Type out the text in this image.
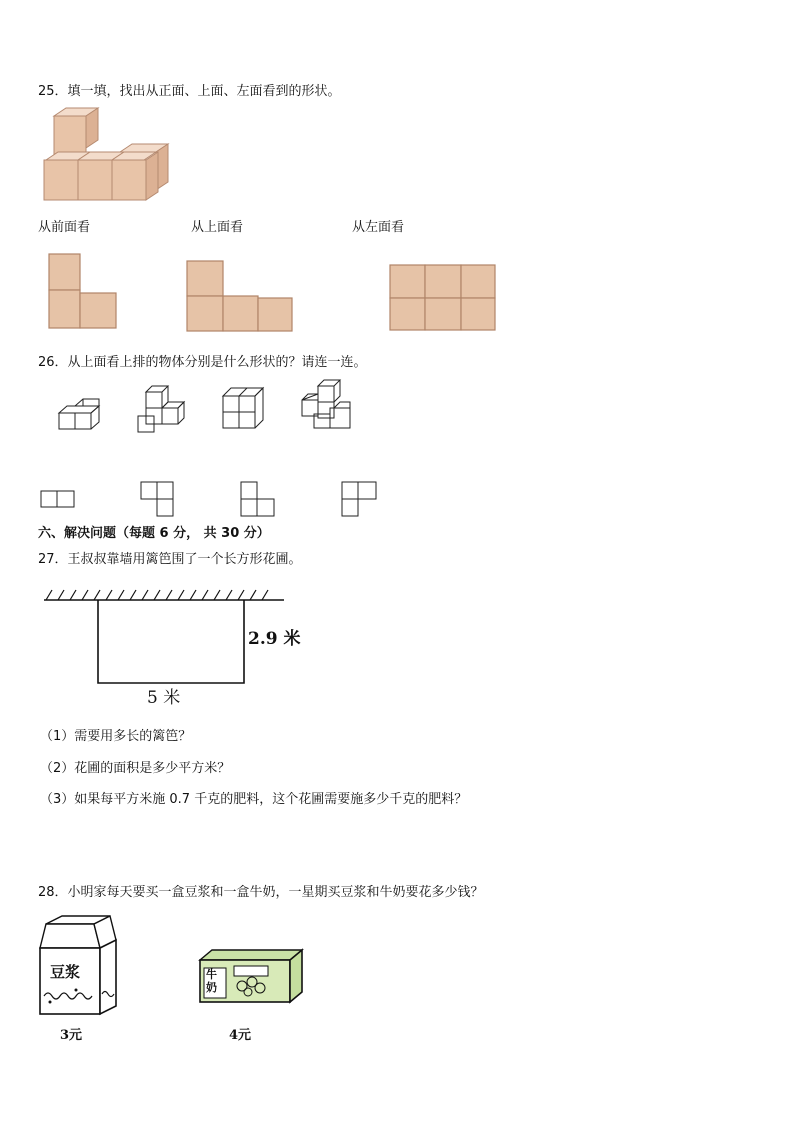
25．填一填，找出从正面、上面、左面看到的形状。
从前面看	从上面看	从左面看
26．从上面看上排的物体分别是什么形状的？请连一连。
六、解决问题（每题 6 分， 共 30 分）
27．王叔叔靠墙用篱笆围了一个长方形花圃。
2.9 米
5 米
（1）需要用多长的篱笆？
（2）花圃的面积是多少平方米？
（3）如果每平方米施 0.7 千克的肥料，这个花圃需要施多少千克的肥料？
28．小明家每天要买一盒豆浆和一盒牛奶，一星期买豆浆和牛奶要花多少钱？
豆浆	牛奶
3元	4元
